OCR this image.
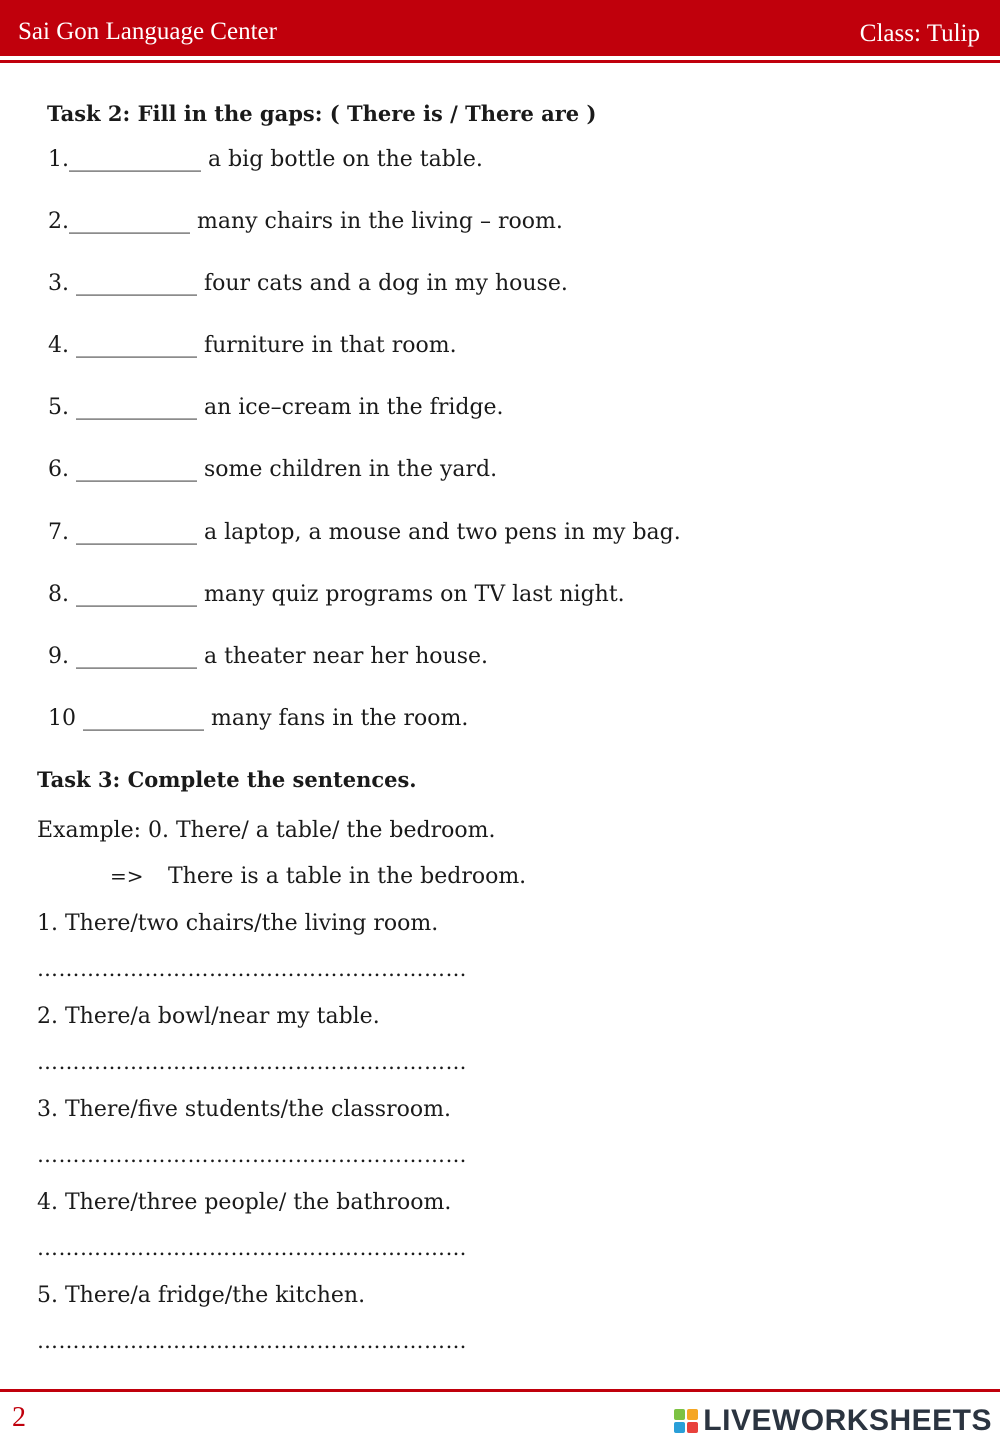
Sai Gon Language Center	Class: Tulip
Task 2: Fill in the gaps: ( There is / There are )
1.____________ a big bottle on the table.
2.___________ many chairs in the living – room.
3. ___________ four cats and a dog in my house.
4. ___________ furniture in that room.
5. ___________ an ice–cream in the fridge.
6. ___________ some children in the yard.
7. ___________ a laptop, a mouse and two pens in my bag.
8. ___________ many quiz programs on TV last night.
9. ___________ a theater near her house.
10 ___________ many fans in the room.
Task 3: Complete the sentences.
Example: 0. There/ a table/ the bedroom.
=> There is a table in the bedroom.
1. There/two chairs/the living room.
……………………………………………………
2. There/a bowl/near my table.
……………………………………………………
3. There/five students/the classroom.
……………………………………………………
4. There/three people/ the bathroom.
……………………………………………………
5. There/a fridge/the kitchen.
……………………………………………………
2	LIVEWORKSHEETS
